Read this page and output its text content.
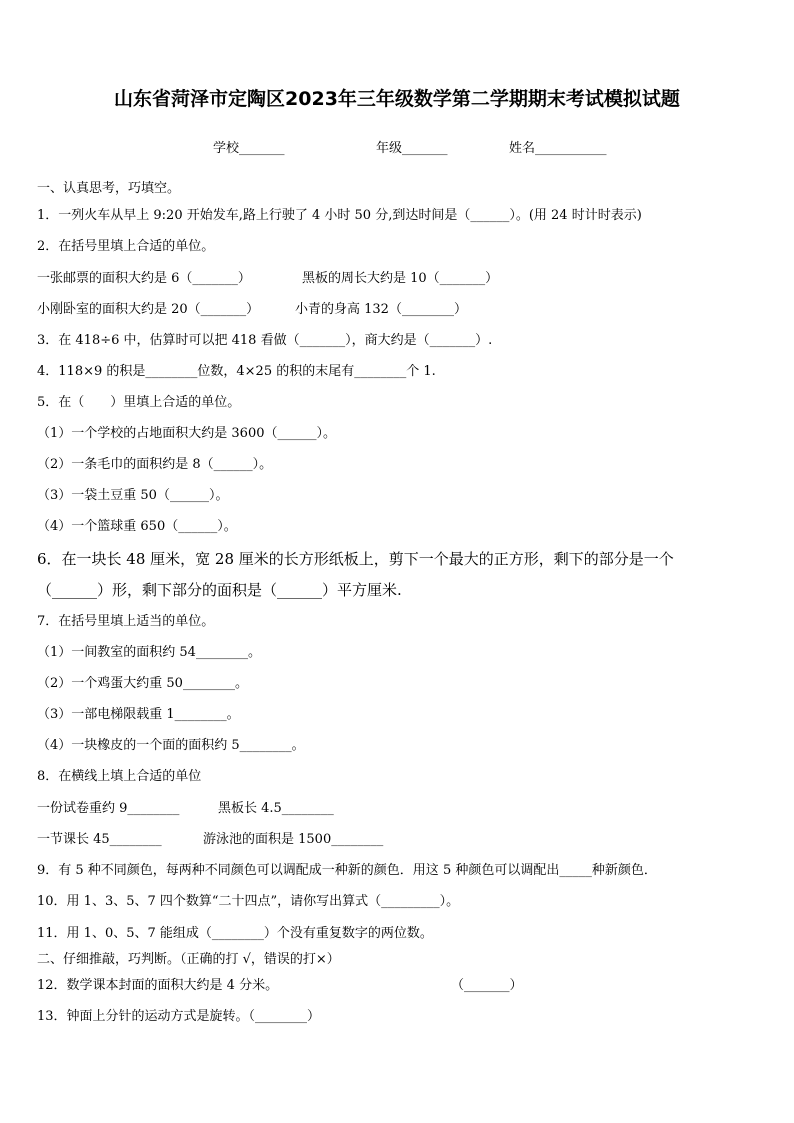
山东省菏泽市定陶区2023年三年级数学第二学期期末考试模拟试题
学校_______	年级_______	姓名___________
一、认真思考，巧填空。
1．一列火车从早上 9:20 开始发车,路上行驶了 4 小时 50 分,到达时间是（______）。(用 24 时计时表示)
2．在括号里填上合适的单位。
一张邮票的面积大约是 6（_______）	黑板的周长大约是 10（_______）
小刚卧室的面积大约是 20（_______）	小青的身高 132（________）
3．在 418÷6 中，估算时可以把 418 看做（_______），商大约是（_______）.
4．118×9 的积是________位数，4×25 的积的末尾有________个 1.
5．在（　　）里填上合适的单位。
（1）一个学校的占地面积大约是 3600（______）。
（2）一条毛巾的面积约是 8（______）。
（3）一袋土豆重 50（______）。
（4）一个篮球重 650（______）。
6．在一块长 48 厘米，宽 28 厘米的长方形纸板上，剪下一个最大的正方形，剩下的部分是一个
（______）形，剩下部分的面积是（______）平方厘米.
7．在括号里填上适当的单位。
（1）一间教室的面积约 54________。
（2）一个鸡蛋大约重 50________。
（3）一部电梯限载重 1________。
（4）一块橡皮的一个面的面积约 5________。
8．在横线上填上合适的单位
一份试卷重约 9________	黑板长 4.5________
一节课长 45________	游泳池的面积是 1500________
9．有 5 种不同颜色，每两种不同颜色可以调配成一种新的颜色．用这 5 种颜色可以调配出_____种新颜色．
10．用 1、3、5、7 四个数算“二十四点”，请你写出算式（_________）。
11．用 1、0、5、7 能组成（________）个没有重复数字的两位数。
二、仔细推敲，巧判断。（正确的打 √，错误的打×）
12．数学课本封面的面积大约是 4 分米。	（_______）
13．钟面上分针的运动方式是旋转。（________）
